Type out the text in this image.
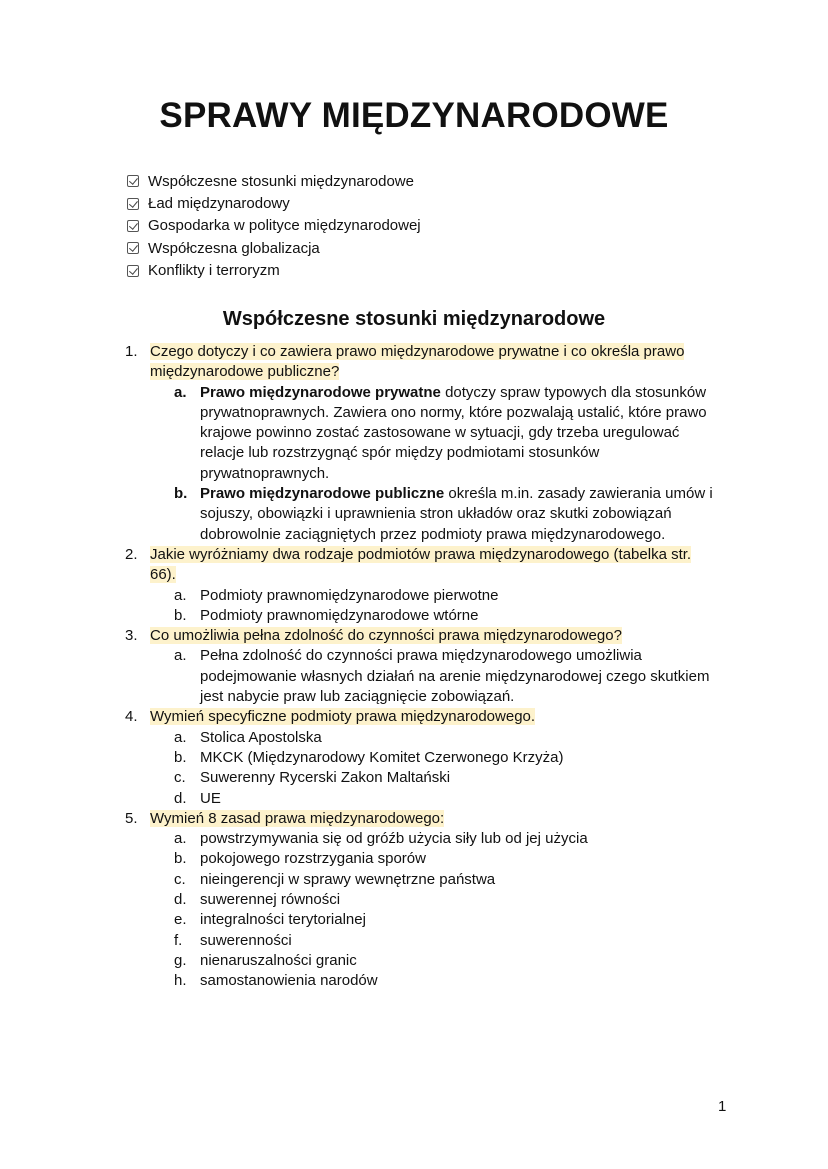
SPRAWY MIĘDZYNARODOWE
Współczesne stosunki międzynarodowe
Ład międzynarodowy
Gospodarka w polityce międzynarodowej
Współczesna globalizacja
Konflikty i terroryzm
Współczesne stosunki międzynarodowe
1. Czego dotyczy i co zawiera prawo międzynarodowe prywatne i co określa prawo
międzynarodowe publiczne?
a. Prawo międzynarodowe prywatne dotyczy spraw typowych dla stosunków
prywatnoprawnych. Zawiera ono normy, które pozwalają ustalić, które prawo
krajowe powinno zostać zastosowane w sytuacji, gdy trzeba uregulować
relacje lub rozstrzygnąć spór między podmiotami stosunków
prywatnoprawnych.
b. Prawo międzynarodowe publiczne określa m.in. zasady zawierania umów i
sojuszy, obowiązki i uprawnienia stron układów oraz skutki zobowiązań
dobrowolnie zaciągniętych przez podmioty prawa międzynarodowego.
2. Jakie wyróżniamy dwa rodzaje podmiotów prawa międzynarodowego (tabelka str.
66).
a. Podmioty prawnomiędzynarodowe pierwotne
b. Podmioty prawnomiędzynarodowe wtórne
3. Co umożliwia pełna zdolność do czynności prawa międzynarodowego?
a. Pełna zdolność do czynności prawa międzynarodowego umożliwia
podejmowanie własnych działań na arenie międzynarodowej czego skutkiem
jest nabycie praw lub zaciągnięcie zobowiązań.
4. Wymień specyficzne podmioty prawa międzynarodowego.
a. Stolica Apostolska
b. MKCK (Międzynarodowy Komitet Czerwonego Krzyża)
c. Suwerenny Rycerski Zakon Maltański
d. UE
5. Wymień 8 zasad prawa międzynarodowego:
a. powstrzymywania się od gróźb użycia siły lub od jej użycia
b. pokojowego rozstrzygania sporów
c. nieingerencji w sprawy wewnętrzne państwa
d. suwerennej równości
e. integralności terytorialnej
f. suwerenności
g. nienaruszalności granic
h. samostanowienia narodów
1
